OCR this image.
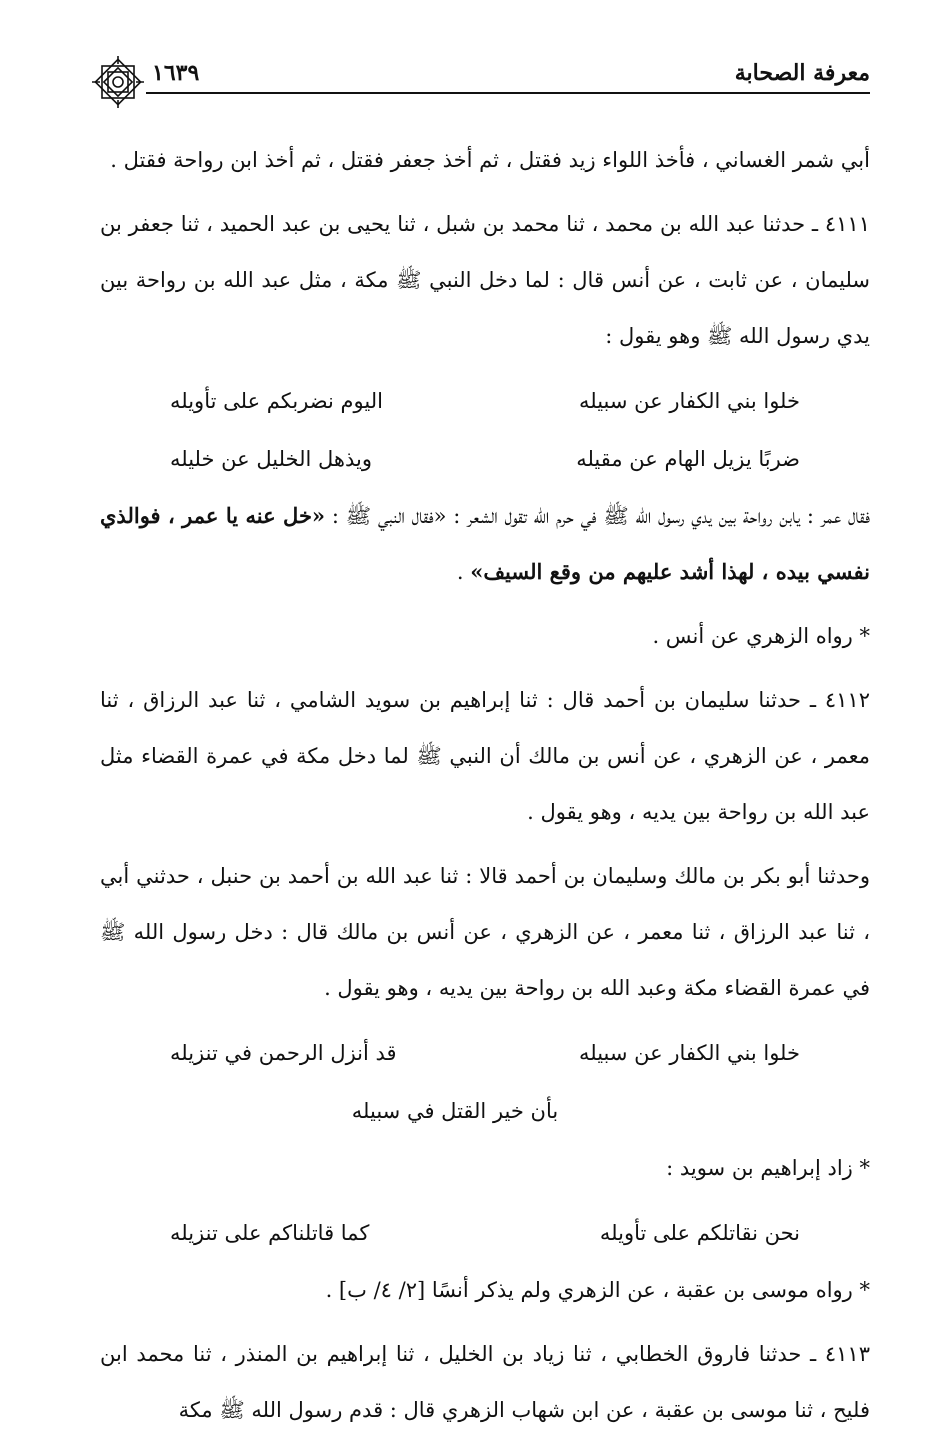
معرفة الصحابة
١٦٣٩

أبي شمر الغساني ، فأخذ اللواء زيد فقتل ، ثم أخذ جعفر فقتل ، ثم أخذ ابن رواحة فقتل .

٤١١١ ـ حدثنا عبد الله بن محمد ، ثنا محمد بن شبل ، ثنا يحيى بن عبد الحميد ، ثنا جعفر بن سليمان ، عن ثابت ، عن أنس قال : لما دخل النبي ﷺ مكة ، مثل عبد الله بن رواحة بين يدي رسول الله ﷺ وهو يقول :

خلوا بني الكفار عن سبيله
اليوم نضربكم على تأويله
ضربًا يزيل الهام عن مقيله
ويذهل الخليل عن خليله

فقال عمر : يابن رواحة بين يدي رسول الله ﷺ في حرم الله تقول الشعر : «فقال النبي ﷺ : «خل عنه يا عمر ، فوالذي نفسي بيده ، لهذا أشد عليهم من وقع السيف» .

* رواه الزهري عن أنس .

٤١١٢ ـ حدثنا سليمان بن أحمد قال : ثنا إبراهيم بن سويد الشامي ، ثنا عبد الرزاق ، ثنا معمر ، عن الزهري ، عن أنس بن مالك أن النبي ﷺ لما دخل مكة في عمرة القضاء مثل عبد الله بن رواحة بين يديه ، وهو يقول .

وحدثنا أبو بكر بن مالك وسليمان بن أحمد قالا : ثنا عبد الله بن أحمد بن حنبل ، حدثني أبي ، ثنا عبد الرزاق ، ثنا معمر ، عن الزهري ، عن أنس بن مالك قال : دخل رسول الله ﷺ في عمرة القضاء مكة وعبد الله بن رواحة بين يديه ، وهو يقول .

خلوا بني الكفار عن سبيله
قد أنزل الرحمن في تنزيله
بأن خير القتل في سبيله

* زاد إبراهيم بن سويد :

نحن نقاتلكم على تأويله
كما قاتلناكم على تنزيله

* رواه موسى بن عقبة ، عن الزهري ولم يذكر أنسًا [٢/ ٤/ ب] .

٤١١٣ ـ حدثنا فاروق الخطابي ، ثنا زياد بن الخليل ، ثنا إبراهيم بن المنذر ، ثنا محمد ابن فليح ، ثنا موسى بن عقبة ، عن ابن شهاب الزهري قال : قدم رسول الله ﷺ مكة
